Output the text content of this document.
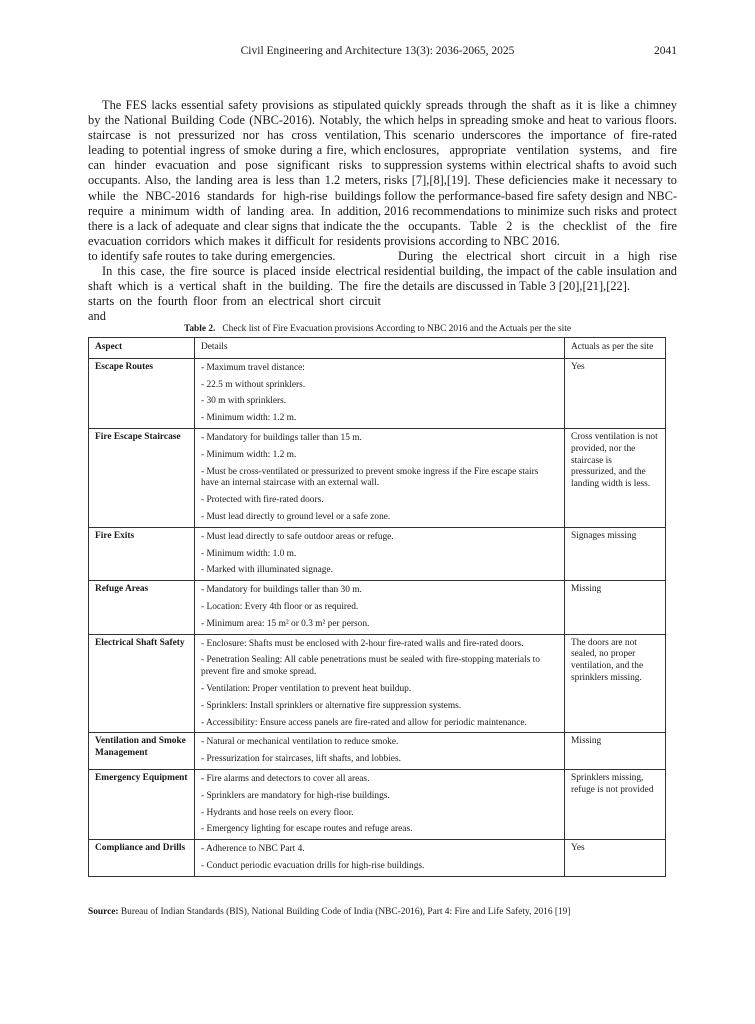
Civil Engineering and Architecture 13(3): 2036-2065, 2025	2041

The FES lacks essential safety provisions as stipulated by the National Building Code (NBC-2016). Notably, the staircase is not pressurized nor has cross ventilation, leading to potential ingress of smoke during a fire, which can hinder evacuation and pose significant risks to occupants. Also, the landing area is less than 1.2 meters, while the NBC-2016 standards for high-rise buildings require a minimum width of landing area. In addition, there is a lack of adequate and clear signs that indicate the evacuation corridors which makes it difficult for residents to identify safe routes to take during emergencies.

In this case, the fire source is placed inside electrical shaft which is a vertical shaft in the building. The fire starts on the fourth floor from an electrical short circuit and

quickly spreads through the shaft as it is like a chimney which helps in spreading smoke and heat to various floors. This scenario underscores the importance of fire-rated enclosures, appropriate ventilation systems, and fire suppression systems within electrical shafts to avoid such risks [7],[8],[19]. These deficiencies make it necessary to follow the performance-based fire safety design and NBC-2016 recommendations to minimize such risks and protect the occupants. Table 2 is the checklist of the fire provisions according to NBC 2016.

During the electrical short circuit in a high rise residential building, the impact of the cable insulation and the details are discussed in Table 3 [20],[21],[22].

Table 2. Check list of Fire Evacuation provisions According to NBC 2016 and the Actuals per the site
Aspect	Details	Actuals as per the site
Escape Routes	- Maximum travel distance:
- 22.5 m without sprinklers.
- 30 m with sprinklers.
- Minimum width: 1.2 m.	Yes
Fire Escape Staircase	- Mandatory for buildings taller than 15 m.
- Minimum width: 1.2 m.
- Must be cross-ventilated or pressurized to prevent smoke ingress if the Fire escape stairs have an internal staircase with an external wall.
- Protected with fire-rated doors.
- Must lead directly to ground level or a safe zone.	Cross ventilation is not provided, nor the staircase is pressurized, and the landing width is less.
Fire Exits	- Must lead directly to safe outdoor areas or refuge.
- Minimum width: 1.0 m.
- Marked with illuminated signage.	Signages missing
Refuge Areas	- Mandatory for buildings taller than 30 m.
- Location: Every 4th floor or as required.
- Minimum area: 15 m² or 0.3 m² per person.	Missing
Electrical Shaft Safety	- Enclosure: Shafts must be enclosed with 2-hour fire-rated walls and fire-rated doors.
- Penetration Sealing: All cable penetrations must be sealed with fire-stopping materials to prevent fire and smoke spread.
- Ventilation: Proper ventilation to prevent heat buildup.
- Sprinklers: Install sprinklers or alternative fire suppression systems.
- Accessibility: Ensure access panels are fire-rated and allow for periodic maintenance.	The doors are not sealed, no proper ventilation, and the sprinklers missing.
Ventilation and Smoke Management	- Natural or mechanical ventilation to reduce smoke.
- Pressurization for staircases, lift shafts, and lobbies.	Missing
Emergency Equipment	- Fire alarms and detectors to cover all areas.
- Sprinklers are mandatory for high-rise buildings.
- Hydrants and hose reels on every floor.
- Emergency lighting for escape routes and refuge areas.	Sprinklers missing, refuge is not provided
Compliance and Drills	- Adherence to NBC Part 4.
- Conduct periodic evacuation drills for high-rise buildings.	Yes
Source: Bureau of Indian Standards (BIS), National Building Code of India (NBC-2016), Part 4: Fire and Life Safety, 2016 [19]
